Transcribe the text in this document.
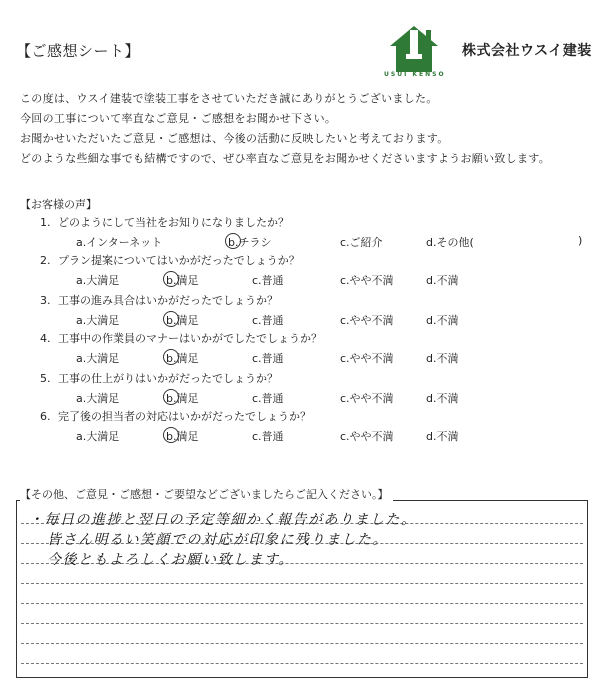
【ご感想シート】
USUI KENSO
株式会社ウスイ建装
この度は、ウスイ建装で塗装工事をさせていただき誠にありがとうございました。
今回の工事について率直なご意見・ご感想をお聞かせ下さい。
お聞かせいただいたご意見・ご感想は、今後の活動に反映したいと考えております。
どのような些細な事でも結構ですので、ぜひ率直なご意見をお聞かせくださいますようお願い致します。
【お客様の声】
1. どのようにして当社をお知りになりましたか？
a.インターネット	b.チラシ	c.ご紹介	d.その他(	)
2. プラン提案についてはいかがだったでしょうか？
a.大満足	b.満足	c.普通	c.やや不満	d.不満
3. 工事の進み具合はいかがだったでしょうか？
a.大満足	b.満足	c.普通	c.やや不満	d.不満
4. 工事中の作業員のマナーはいかがでしたでしょうか？
a.大満足	b.満足	c.普通	c.やや不満	d.不満
5. 工事の仕上がりはいかがだったでしょうか？
a.大満足	b.満足	c.普通	c.やや不満	d.不満
6. 完了後の担当者の対応はいかがだったでしょうか？
a.大満足	b.満足	c.普通	c.やや不満	d.不満
・毎日の進捗と翌日の予定等細かく報告がありました。
皆さん明るい笑顔での対応が印象に残りました。
今後ともよろしくお願い致します。
【その他、ご意見・ご感想・ご要望などございましたらご記入ください。】
